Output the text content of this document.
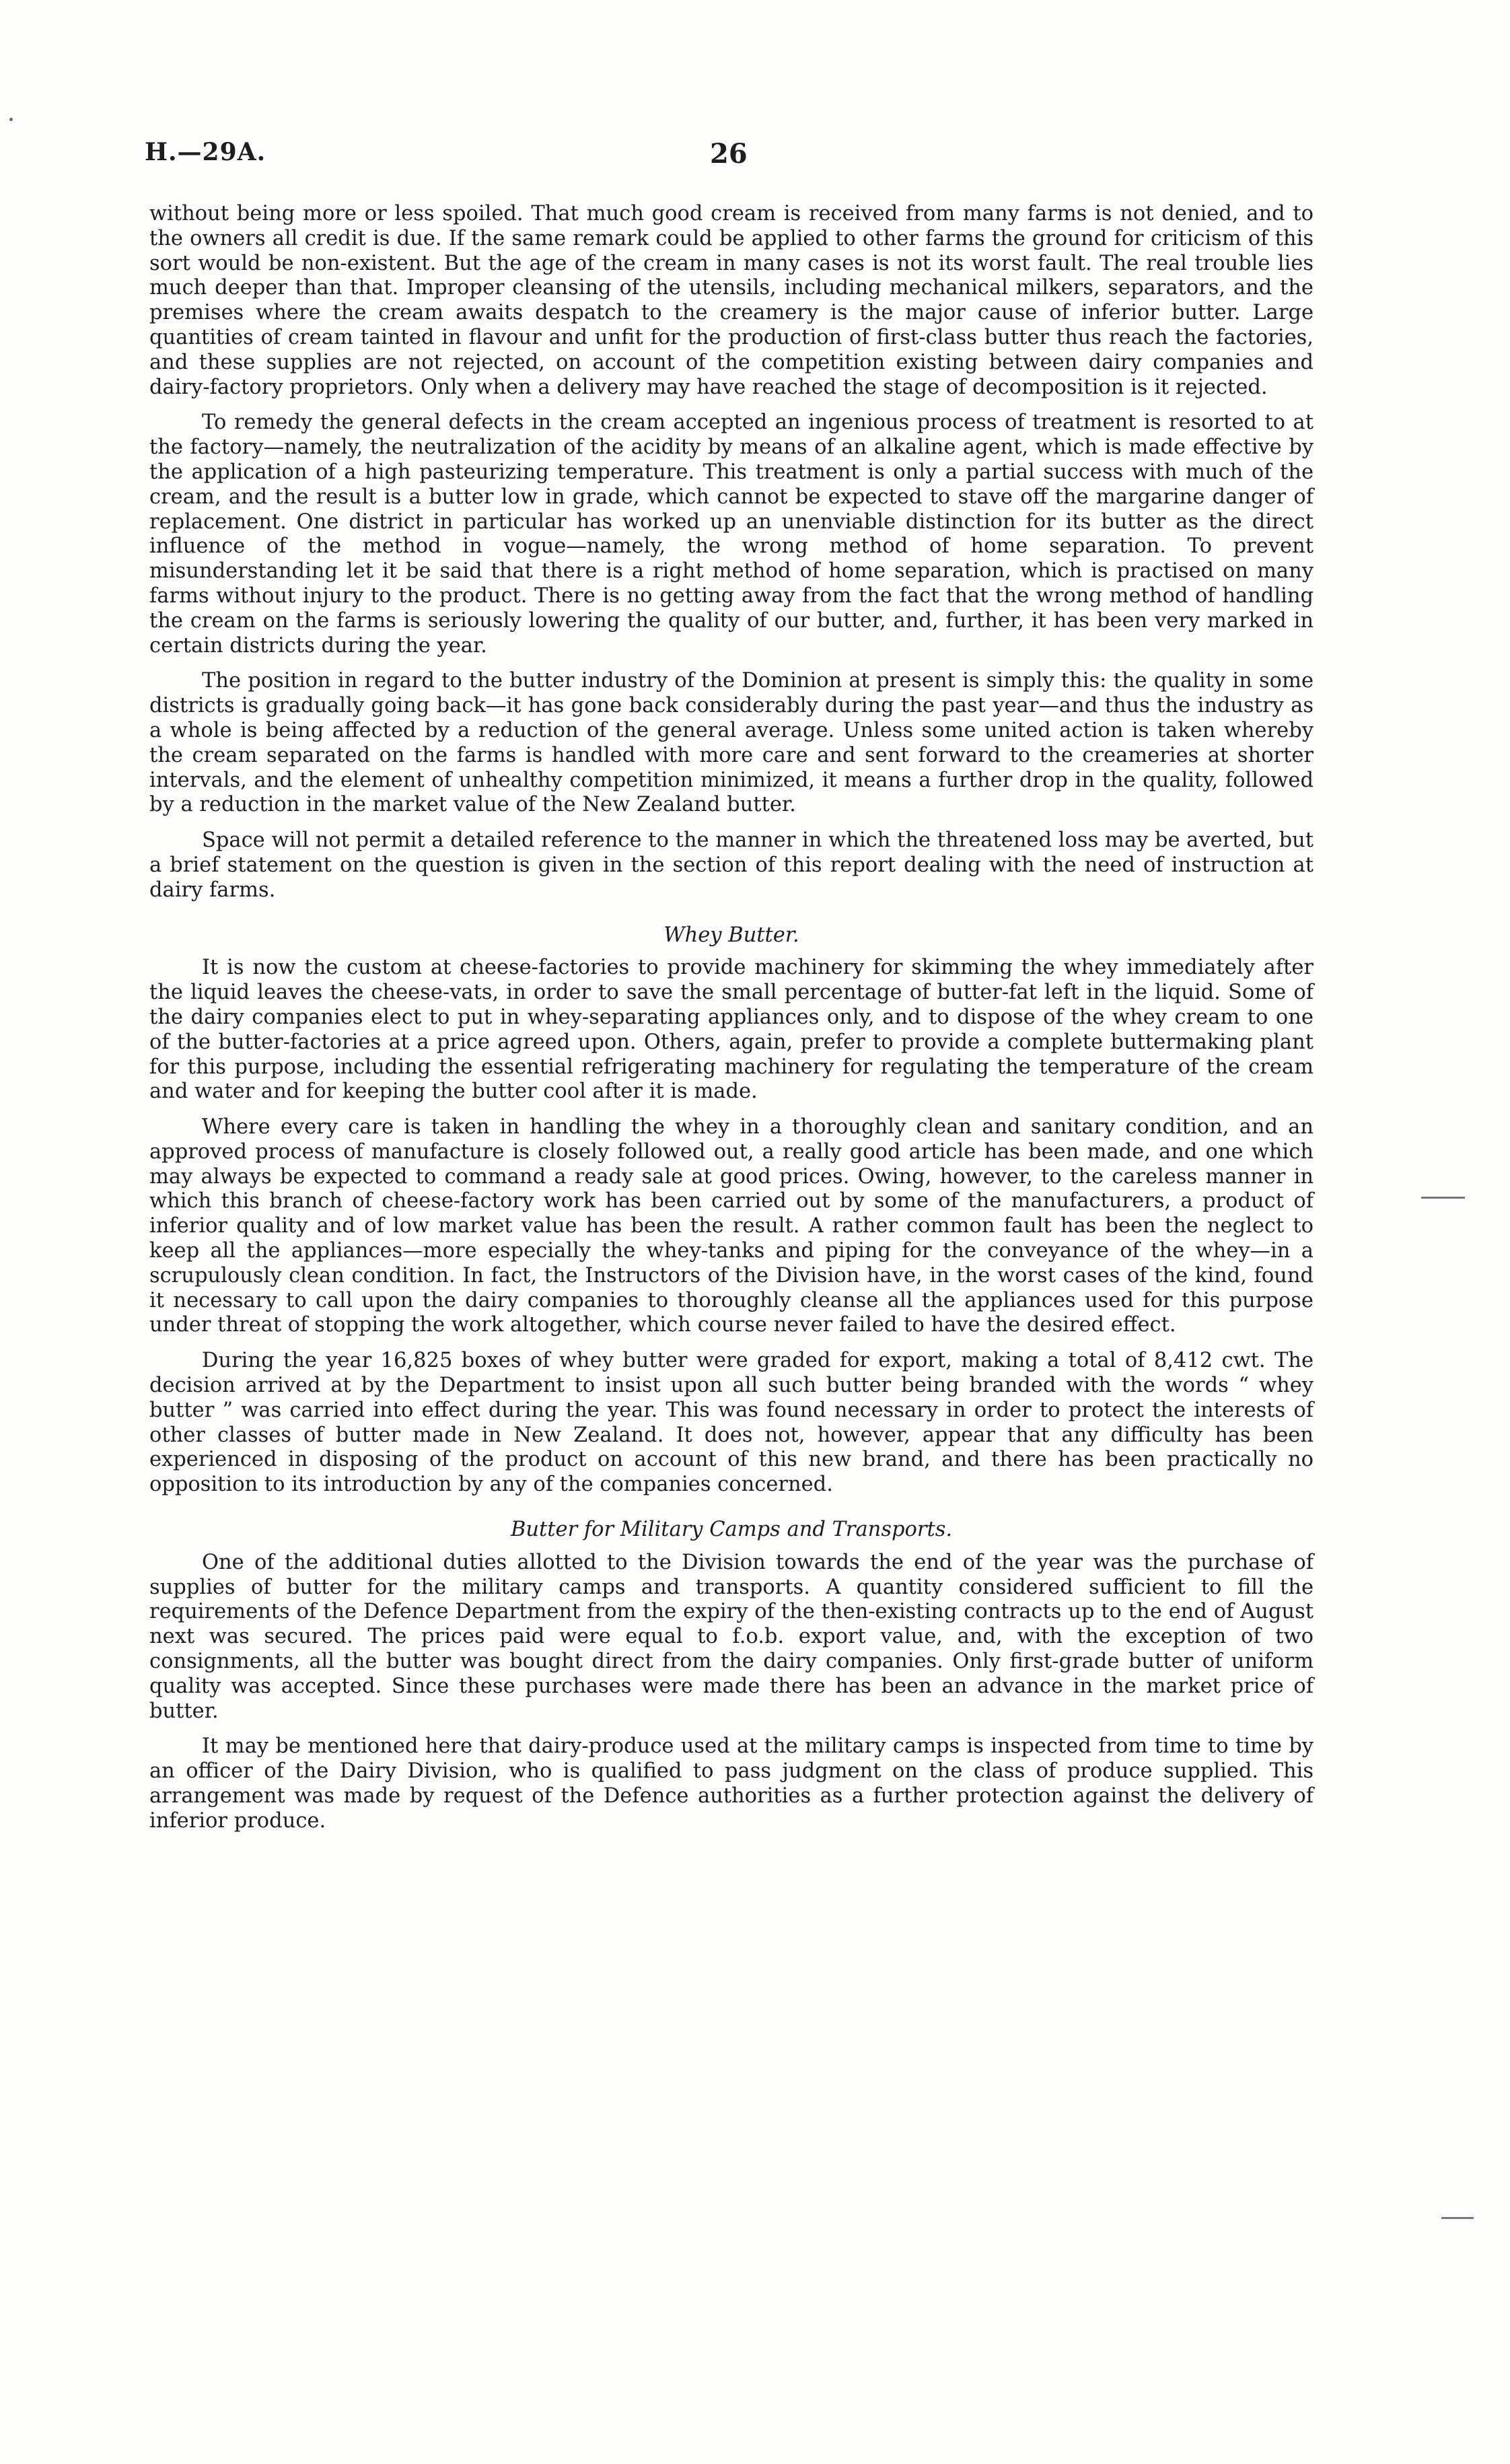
H.—29A.	26

without being more or less spoiled. That much good cream is received from many farms is not denied, and to the owners all credit is due. If the same remark could be applied to other farms the ground for criticism of this sort would be non-existent. But the age of the cream in many cases is not its worst fault. The real trouble lies much deeper than that. Improper cleansing of the utensils, including mechanical milkers, separators, and the premises where the cream awaits despatch to the creamery is the major cause of inferior butter. Large quantities of cream tainted in flavour and unfit for the production of first-class butter thus reach the factories, and these supplies are not rejected, on account of the competition existing between dairy companies and dairy-factory proprietors. Only when a delivery may have reached the stage of decomposition is it rejected.

To remedy the general defects in the cream accepted an ingenious process of treatment is resorted to at the factory—namely, the neutralization of the acidity by means of an alkaline agent, which is made effective by the application of a high pasteurizing temperature. This treatment is only a partial success with much of the cream, and the result is a butter low in grade, which cannot be expected to stave off the margarine danger of replacement. One district in particular has worked up an unenviable distinction for its butter as the direct influence of the method in vogue—namely, the wrong method of home separation. To prevent misunderstanding let it be said that there is a right method of home separation, which is practised on many farms without injury to the product. There is no getting away from the fact that the wrong method of handling the cream on the farms is seriously lowering the quality of our butter, and, further, it has been very marked in certain districts during the year.

The position in regard to the butter industry of the Dominion at present is simply this: the quality in some districts is gradually going back—it has gone back considerably during the past year—and thus the industry as a whole is being affected by a reduction of the general average. Unless some united action is taken whereby the cream separated on the farms is handled with more care and sent forward to the creameries at shorter intervals, and the element of unhealthy competition minimized, it means a further drop in the quality, followed by a reduction in the market value of the New Zealand butter.

Space will not permit a detailed reference to the manner in which the threatened loss may be averted, but a brief statement on the question is given in the section of this report dealing with the need of instruction at dairy farms.

Whey Butter.

It is now the custom at cheese-factories to provide machinery for skimming the whey immediately after the liquid leaves the cheese-vats, in order to save the small percentage of butter-fat left in the liquid. Some of the dairy companies elect to put in whey-separating appliances only, and to dispose of the whey cream to one of the butter-factories at a price agreed upon. Others, again, prefer to provide a complete buttermaking plant for this purpose, including the essential refrigerating machinery for regulating the temperature of the cream and water and for keeping the butter cool after it is made.

Where every care is taken in handling the whey in a thoroughly clean and sanitary condition, and an approved process of manufacture is closely followed out, a really good article has been made, and one which may always be expected to command a ready sale at good prices. Owing, however, to the careless manner in which this branch of cheese-factory work has been carried out by some of the manufacturers, a product of inferior quality and of low market value has been the result. A rather common fault has been the neglect to keep all the appliances—more especially the whey-tanks and piping for the conveyance of the whey—in a scrupulously clean condition. In fact, the Instructors of the Division have, in the worst cases of the kind, found it necessary to call upon the dairy companies to thoroughly cleanse all the appliances used for this purpose under threat of stopping the work altogether, which course never failed to have the desired effect.

During the year 16,825 boxes of whey butter were graded for export, making a total of 8,412 cwt. The decision arrived at by the Department to insist upon all such butter being branded with the words “ whey butter ” was carried into effect during the year. This was found necessary in order to protect the interests of other classes of butter made in New Zealand. It does not, however, appear that any difficulty has been experienced in disposing of the product on account of this new brand, and there has been practically no opposition to its introduction by any of the companies concerned.

Butter for Military Camps and Transports.

One of the additional duties allotted to the Division towards the end of the year was the purchase of supplies of butter for the military camps and transports. A quantity considered sufficient to fill the requirements of the Defence Department from the expiry of the then-existing contracts up to the end of August next was secured. The prices paid were equal to f.o.b. export value, and, with the exception of two consignments, all the butter was bought direct from the dairy companies. Only first-grade butter of uniform quality was accepted. Since these purchases were made there has been an advance in the market price of butter.

It may be mentioned here that dairy-produce used at the military camps is inspected from time to time by an officer of the Dairy Division, who is qualified to pass judgment on the class of produce supplied. This arrangement was made by request of the Defence authorities as a further protection against the delivery of inferior produce.
